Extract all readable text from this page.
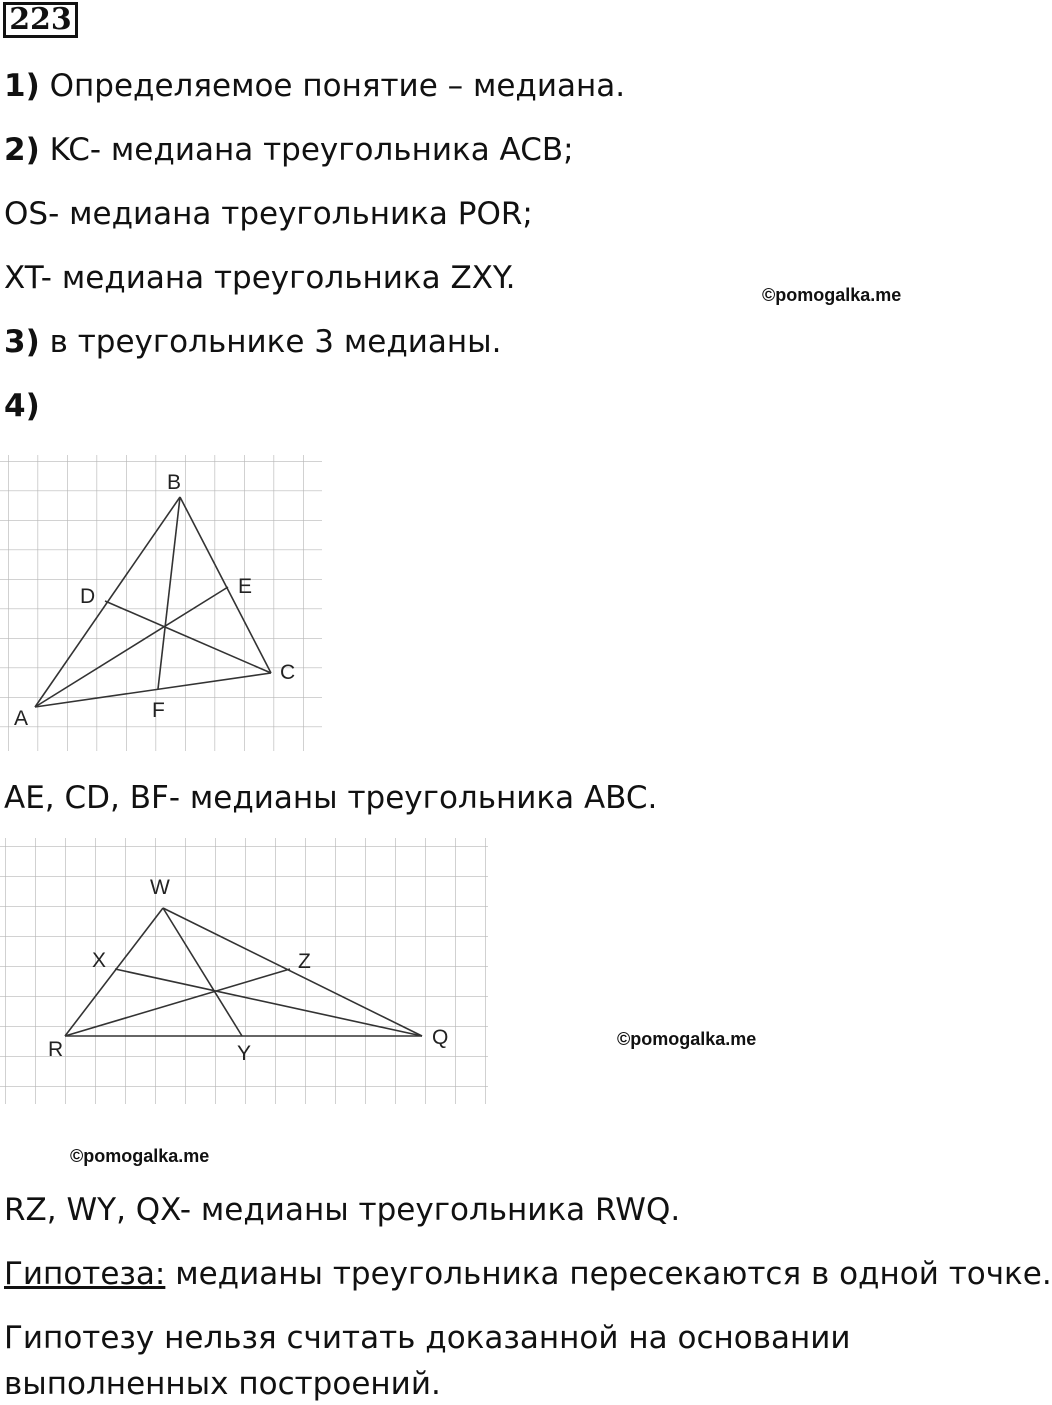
223
1) Определяемое понятие – медиана.
2) KC- медиана треугольника ACB;
OS- медиана треугольника POR;
XT- медиана треугольника ZXY.	©pomogalka.me
3) в треугольнике 3 медианы.
4)
B
D	E
C
A	F
AE, CD, BF- медианы треугольника ABC.
W
X	Z
R	Y
Q	©pomogalka.me
©pomogalka.me
RZ, WY, QX- медианы треугольника RWQ.
Гипотеза: медианы треугольника пересекаются в одной точке.
Гипотезу нельзя считать доказанной на основании
выполненных построений.
